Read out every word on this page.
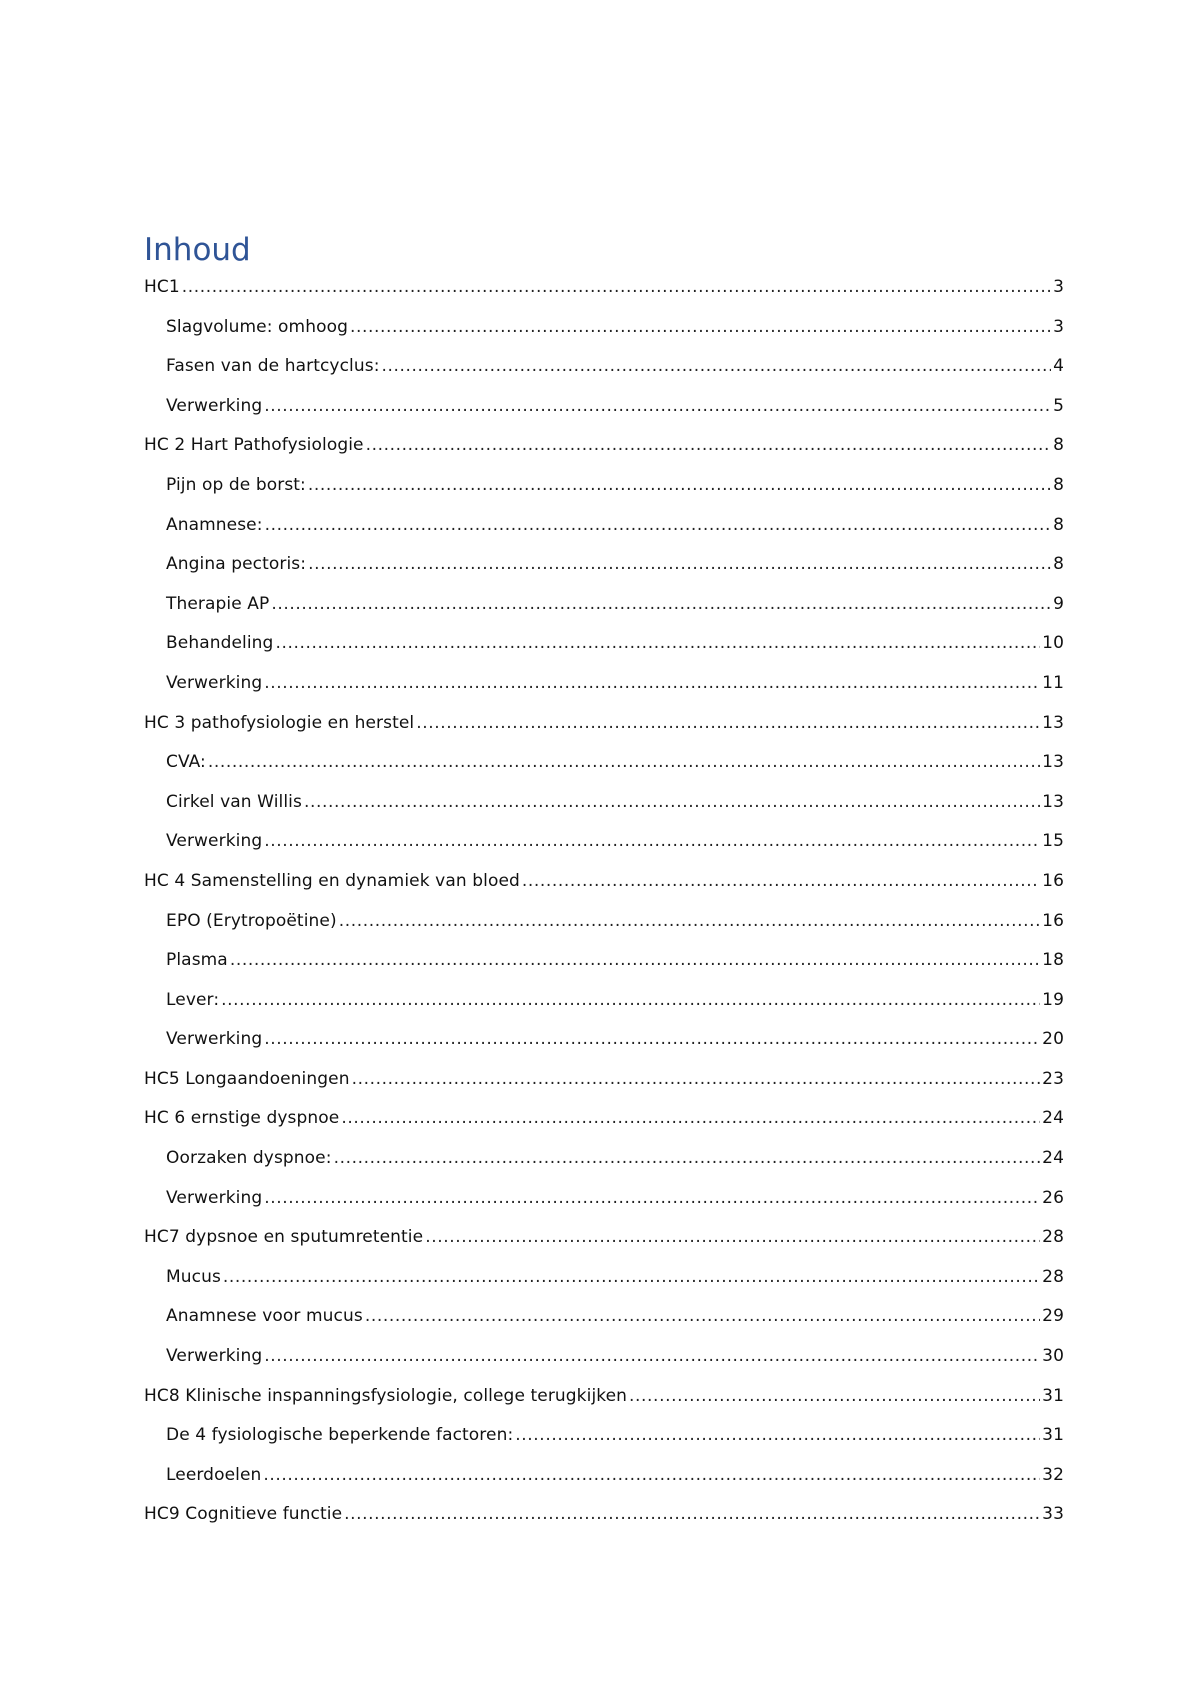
Inhoud
HC1 .....	3
Slagvolume: omhoog .....	3
Fasen van de hartcyclus: .....	4
Verwerking .....	5
HC 2 Hart Pathofysiologie .....	8
Pijn op de borst: .....	8
Anamnese: .....	8
Angina pectoris: .....	8
Therapie AP .....	9
Behandeling .....	10
Verwerking .....	11
HC 3 pathofysiologie en herstel .....	13
CVA: .....	13
Cirkel van Willis .....	13
Verwerking .....	15
HC 4 Samenstelling en dynamiek van bloed .....	16
EPO (Erytropoëtine) .....	16
Plasma .....	18
Lever: .....	19
Verwerking .....	20
HC5 Longaandoeningen .....	23
HC 6 ernstige dyspnoe .....	24
Oorzaken dyspnoe: .....	24
Verwerking .....	26
HC7 dypsnoe en sputumretentie .....	28
Mucus .....	28
Anamnese voor mucus .....	29
Verwerking .....	30
HC8 Klinische inspanningsfysiologie, college terugkijken .....	31
De 4 fysiologische beperkende factoren: .....	31
Leerdoelen .....	32
HC9 Cognitieve functie .....	33
